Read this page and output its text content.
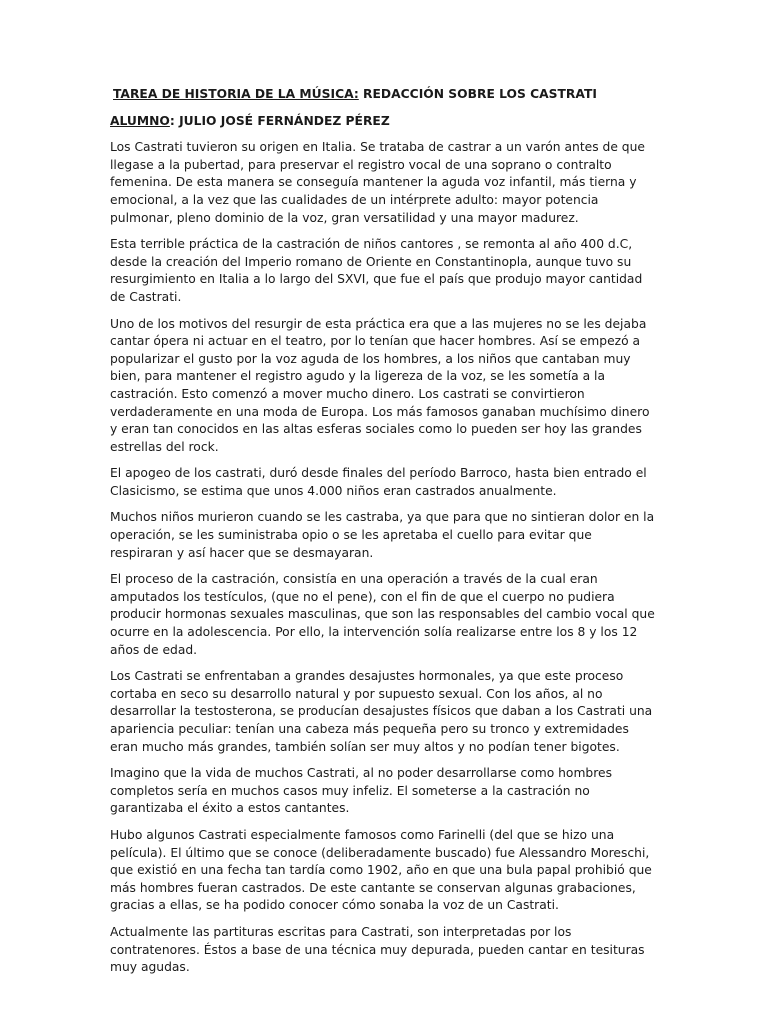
TAREA DE HISTORIA DE LA MÚSICA: REDACCIÓN SOBRE LOS CASTRATI
ALUMNO: JULIO JOSÉ FERNÁNDEZ PÉREZ

Los Castrati tuvieron su origen en Italia. Se trataba de castrar a un varón antes de que llegase a la pubertad, para preservar el registro vocal de una soprano o contralto femenina. De esta manera se conseguía mantener la aguda voz infantil, más tierna y emocional, a la vez que las cualidades de un intérprete adulto: mayor potencia pulmonar, pleno dominio de la voz, gran versatilidad y una mayor madurez.

Esta terrible práctica de la castración de niños cantores , se remonta al año 400 d.C, desde la creación del Imperio romano de Oriente en Constantinopla, aunque tuvo su resurgimiento en Italia a lo largo del SXVI, que fue el país que produjo mayor cantidad de Castrati.

Uno de los motivos del resurgir de esta práctica era que a las mujeres no se les dejaba cantar ópera ni actuar en el teatro, por lo tenían que hacer hombres. Así se empezó a popularizar el gusto por la voz aguda de los hombres, a los niños que cantaban muy bien, para mantener el registro agudo y la ligereza de la voz, se les sometía a la castración. Esto comenzó a mover mucho dinero. Los castrati se convirtieron verdaderamente en una moda de Europa. Los más famosos ganaban muchísimo dinero y eran tan conocidos en las altas esferas sociales como lo pueden ser hoy las grandes estrellas del rock.

El apogeo de los castrati, duró desde finales del período Barroco, hasta bien entrado el Clasicismo, se estima que unos 4.000 niños eran castrados anualmente.

Muchos niños murieron cuando se les castraba, ya que para que no sintieran dolor en la operación, se les suministraba opio o se les apretaba el cuello para evitar que respiraran y así hacer que se desmayaran.

El proceso de la castración, consistía en una operación a través de la cual eran amputados los testículos, (que no el pene), con el fin de que el cuerpo no pudiera producir hormonas sexuales masculinas, que son las responsables del cambio vocal que ocurre en la adolescencia. Por ello, la intervención solía realizarse entre los 8 y los 12 años de edad.

Los Castrati se enfrentaban a grandes desajustes hormonales, ya que este proceso cortaba en seco su desarrollo natural y por supuesto sexual. Con los años, al no desarrollar la testosterona, se producían desajustes físicos que daban a los Castrati una apariencia peculiar: tenían una cabeza más pequeña pero su tronco y extremidades eran mucho más grandes, también solían ser muy altos y no podían tener bigotes.

Imagino que la vida de muchos Castrati, al no poder desarrollarse como hombres completos sería en muchos casos muy infeliz. El someterse a la castración no garantizaba el éxito a estos cantantes.

Hubo algunos Castrati especialmente famosos como Farinelli (del que se hizo una película). El último que se conoce (deliberadamente buscado) fue Alessandro Moreschi, que existió en una fecha tan tardía como 1902, año en que una bula papal prohibió que más hombres fueran castrados. De este cantante se conservan algunas grabaciones, gracias a ellas, se ha podido conocer cómo sonaba la voz de un Castrati.

Actualmente las partituras escritas para Castrati, son interpretadas por los contratenores. Éstos a base de una técnica muy depurada, pueden cantar en tesituras muy agudas.
